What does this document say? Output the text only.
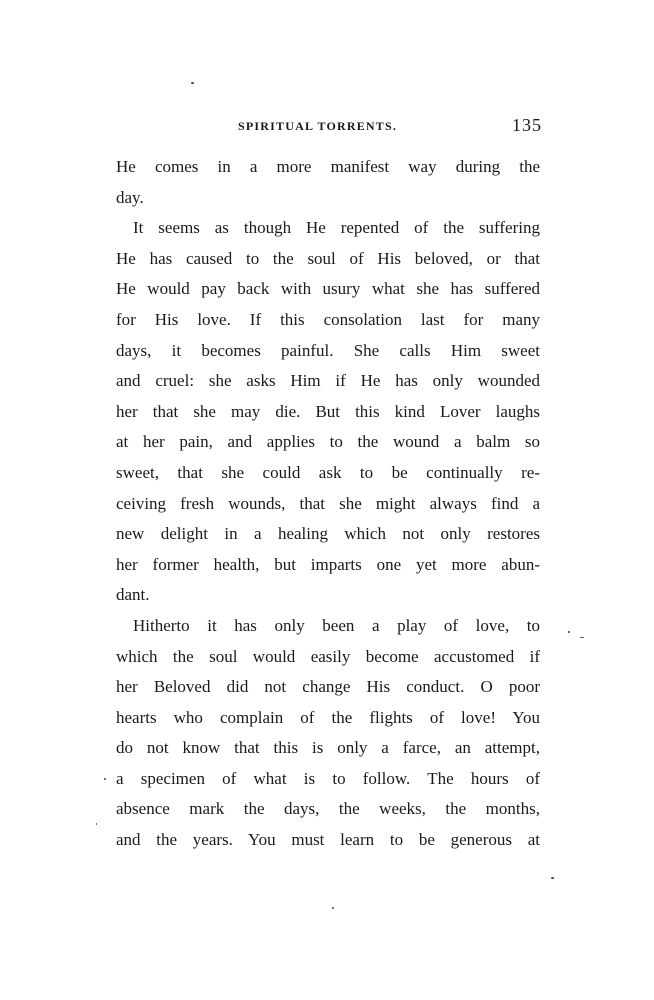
SPIRITUAL TORRENTS.	135
He comes in a more manifest way during the
day.
It seems as though He repented of the suffering
He has caused to the soul of His beloved, or that
He would pay back with usury what she has suffered
for His love. If this consolation last for many
days, it becomes painful. She calls Him sweet
and cruel: she asks Him if He has only wounded
her that she may die. But this kind Lover laughs
at her pain, and applies to the wound a balm so
sweet, that she could ask to be continually re-
ceiving fresh wounds, that she might always find a
new delight in a healing which not only restores
her former health, but imparts one yet more abun-
dant.
Hitherto it has only been a play of love, to
which the soul would easily become accustomed if
her Beloved did not change His conduct. O poor
hearts who complain of the flights of love! You
do not know that this is only a farce, an attempt,
a specimen of what is to follow. The hours of
absence mark the days, the weeks, the months,
and the years. You must learn to be generous at
